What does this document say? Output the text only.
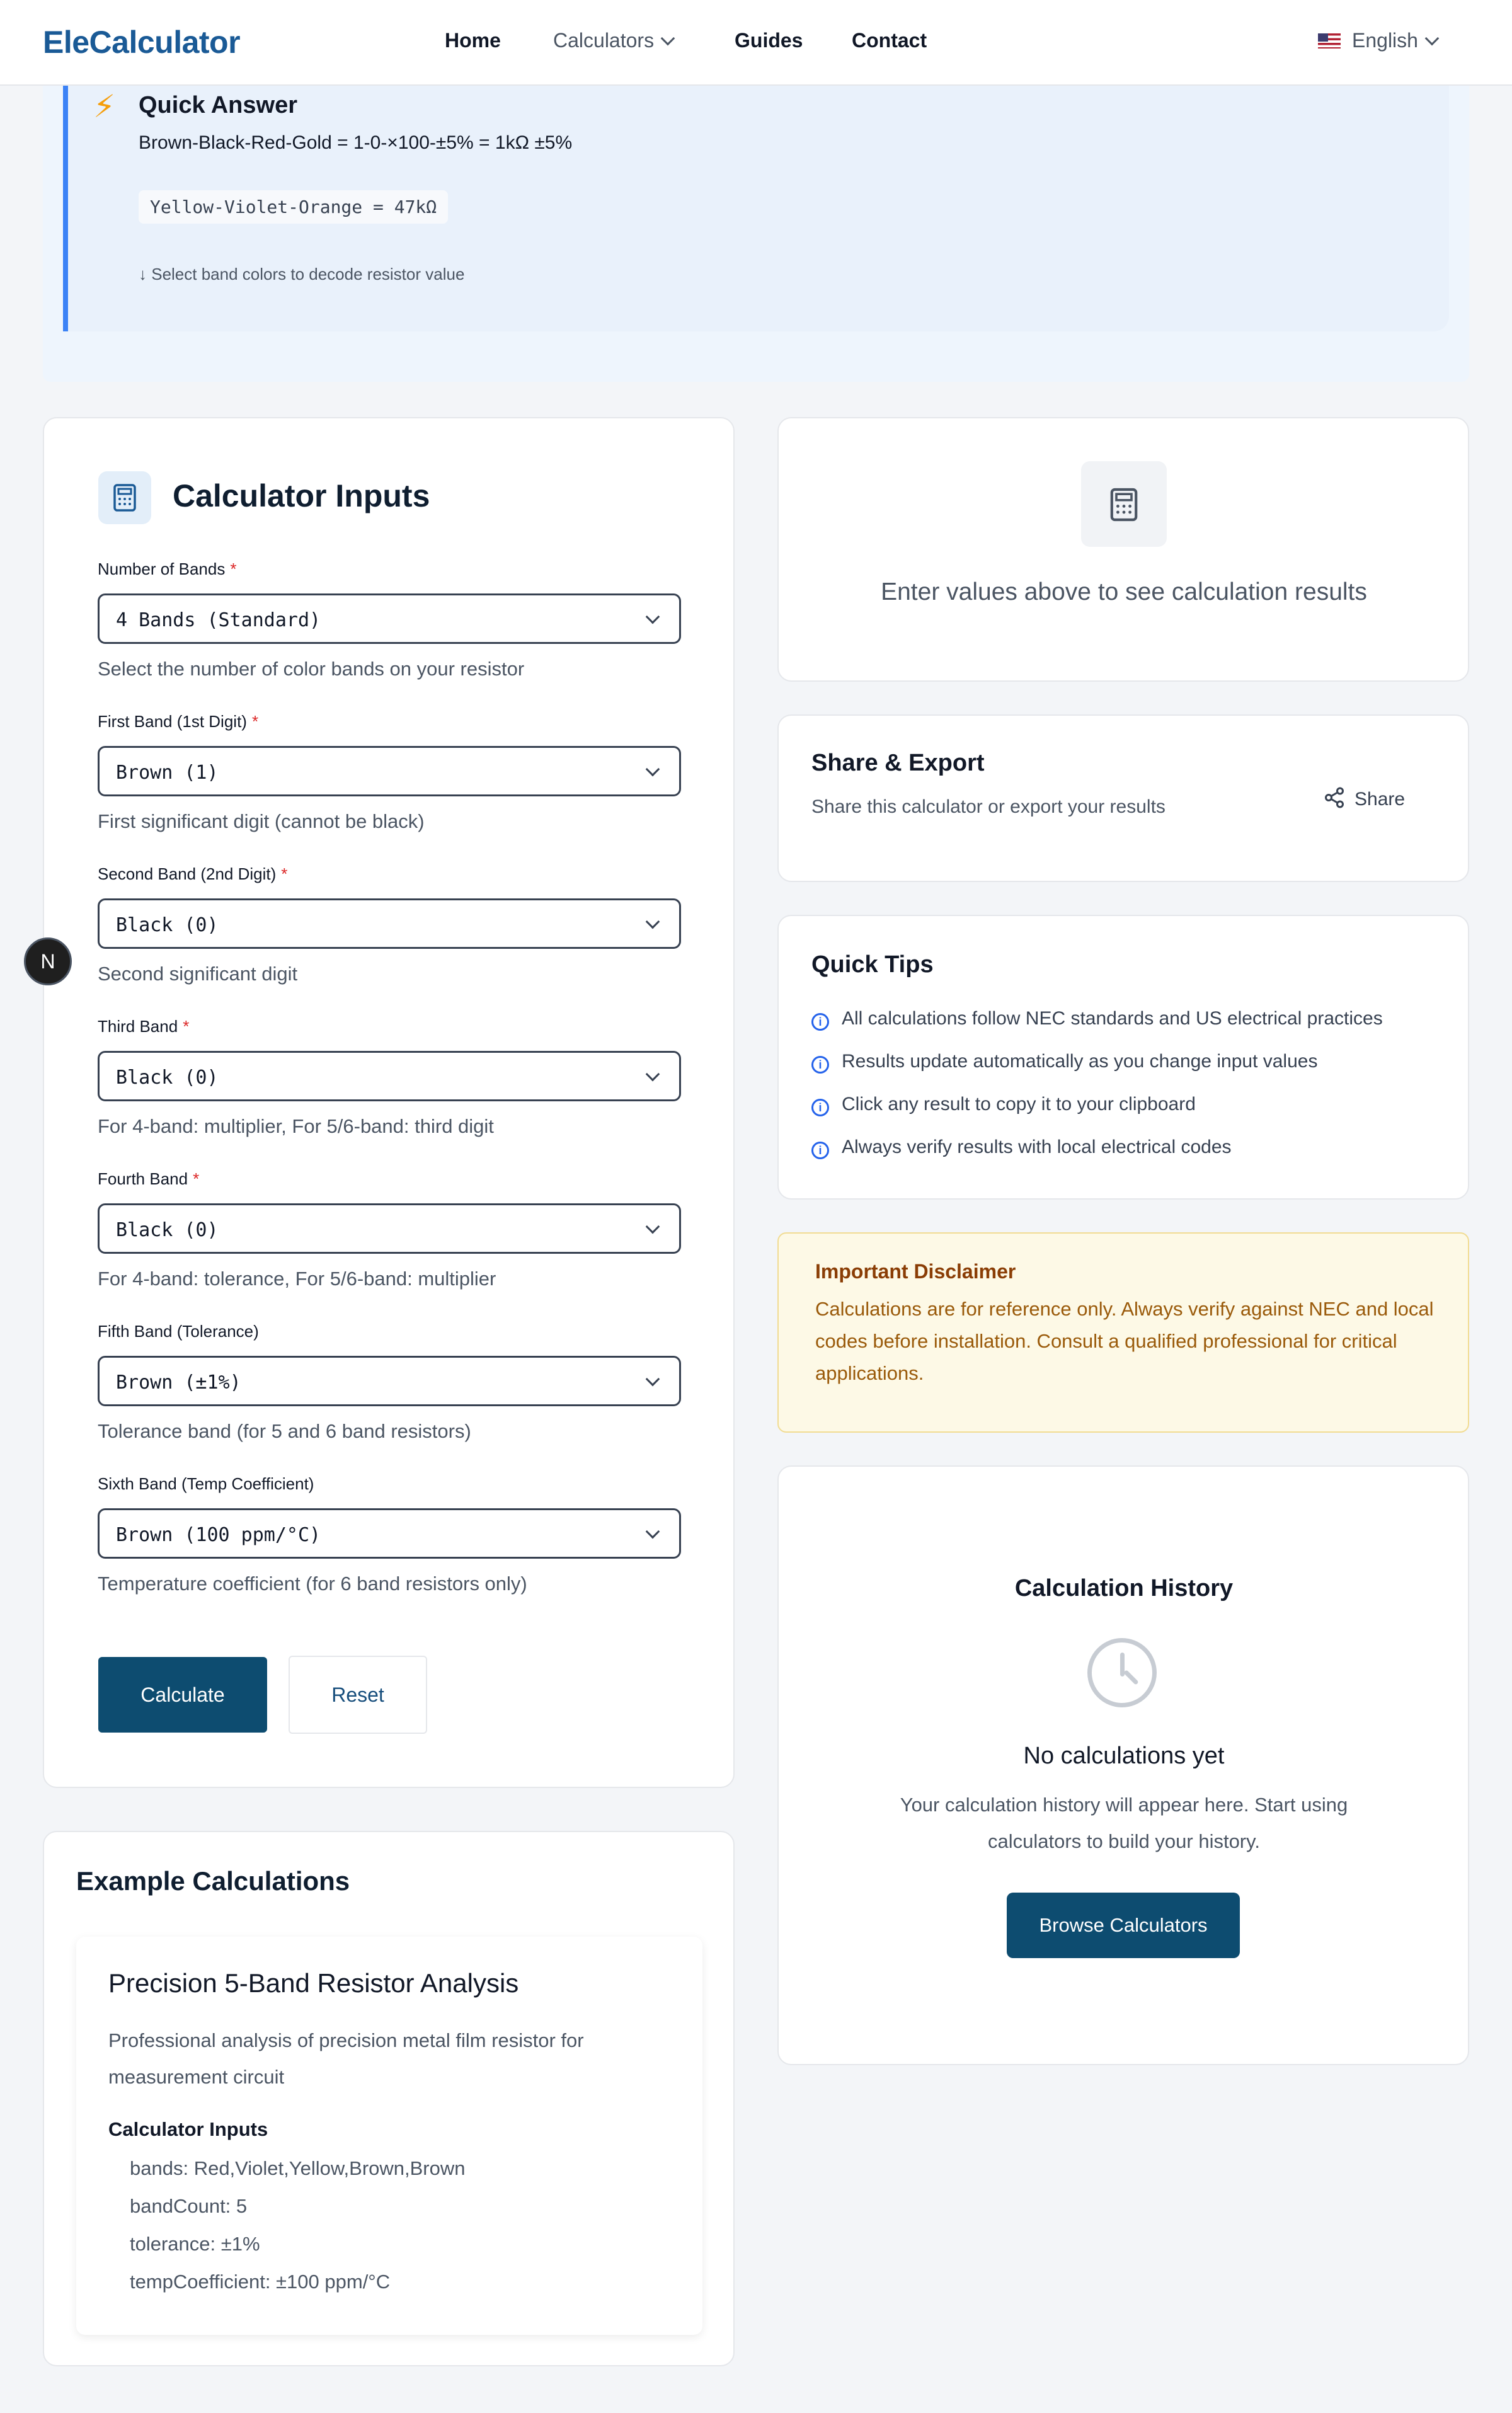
EleCalculator	Home	Calculators	Guides Contact	English
⚡ Quick Answer
Brown-Black-Red-Gold = 1-0-×100-±5% = 1kΩ ±5%
Yellow-Violet-Orange = 47kΩ
↓ Select band colors to decode resistor value
Calculator Inputs
Number of Bands *
4 Bands (Standard)
Select the number of color bands on your resistor
First Band (1st Digit) *
Brown (1)
First significant digit (cannot be black)
Second Band (2nd Digit) *
Black (0)
Second significant digit
Third Band *
Black (0)
For 4-band: multiplier, For 5/6-band: third digit
Fourth Band *
Black (0)
For 4-band: tolerance, For 5/6-band: multiplier
Fifth Band (Tolerance)
Brown (±1%)
Tolerance band (for 5 and 6 band resistors)
Sixth Band (Temp Coefficient)
Brown (100 ppm/°C)
Temperature coefficient (for 6 band resistors only)
Calculate	Reset
N
Enter values above to see calculation results
Share & Export
Share this calculator or export your results	Share
Quick Tips
i All calculations follow NEC standards and US electrical practices
i Results update automatically as you change input values
i Click any result to copy it to your clipboard
i Always verify results with local electrical codes
Important Disclaimer
Calculations are for reference only. Always verify against NEC and local codes before installation. Consult a qualified professional for critical applications.
Calculation History
No calculations yet
Your calculation history will appear here. Start using calculators to build your history.
Browse Calculators
Example Calculations
Precision 5-Band Resistor Analysis
Professional analysis of precision metal film resistor for measurement circuit
Calculator Inputs
bands: Red,Violet,Yellow,Brown,Brown
bandCount: 5
tolerance: ±1%
tempCoefficient: ±100 ppm/°C
